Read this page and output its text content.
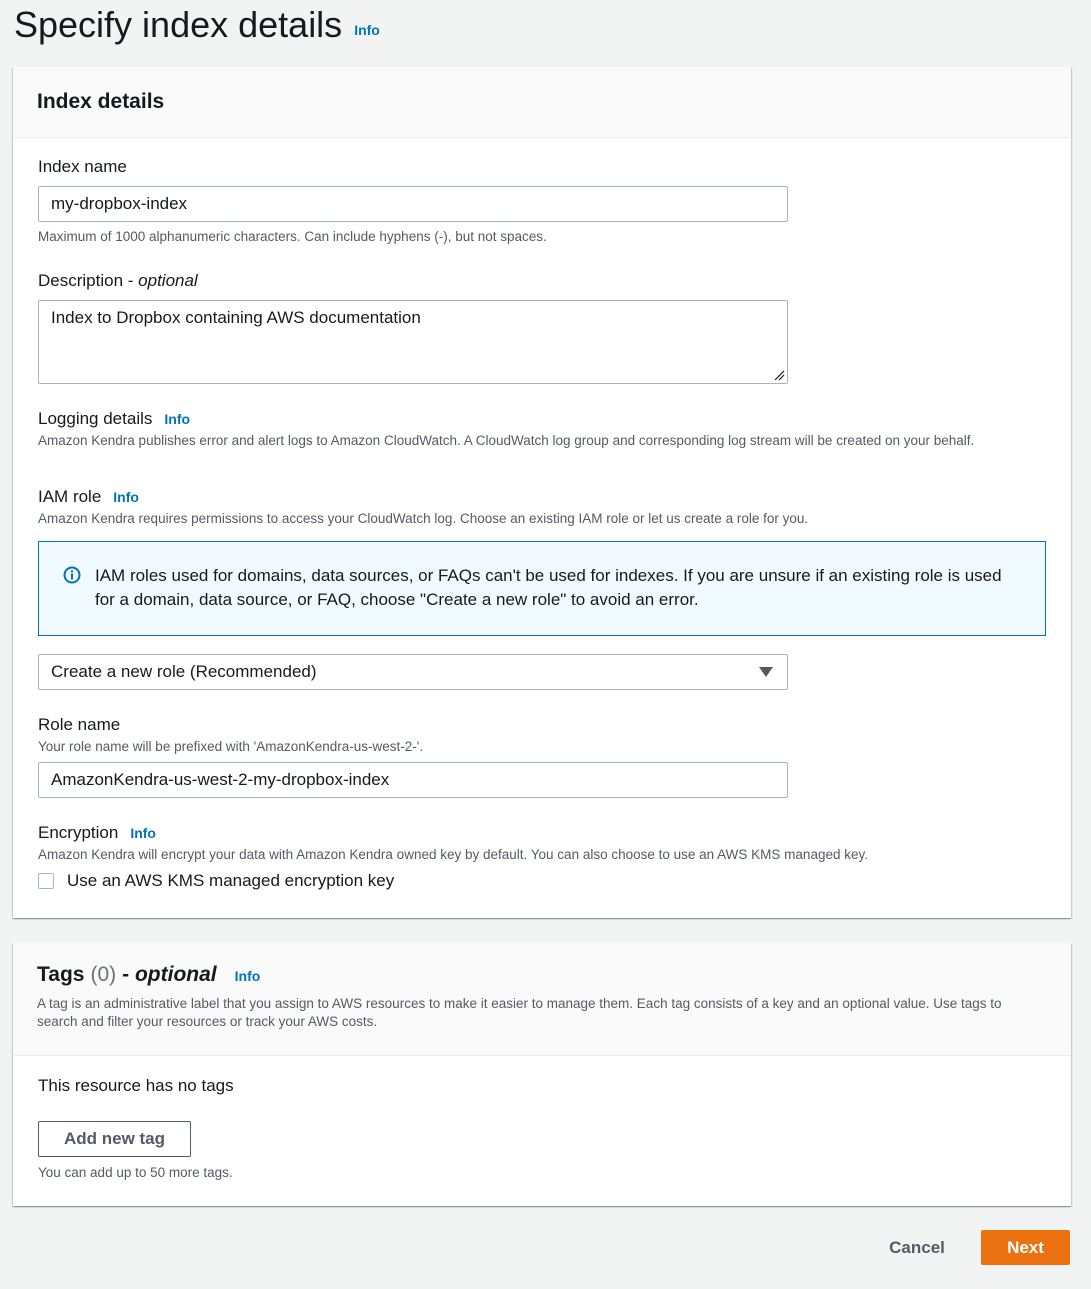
Specify index details Info
Index details
Index name
my-dropbox-index
Maximum of 1000 alphanumeric characters. Can include hyphens (-), but not spaces.
Description - optional
Index to Dropbox containing AWS documentation
Logging details Info
Amazon Kendra publishes error and alert logs to Amazon CloudWatch. A CloudWatch log group and corresponding log stream will be created on your behalf.
IAM role Info
Amazon Kendra requires permissions to access your CloudWatch log. Choose an existing IAM role or let us create a role for you.
IAM roles used for domains, data sources, or FAQs can't be used for indexes. If you are unsure if an existing role is used for a domain, data source, or FAQ, choose "Create a new role" to avoid an error.
Create a new role (Recommended)
Role name
Your role name will be prefixed with 'AmazonKendra-us-west-2-'.
AmazonKendra-us-west-2-my-dropbox-index
Encryption Info
Amazon Kendra will encrypt your data with Amazon Kendra owned key by default. You can also choose to use an AWS KMS managed key.
Use an AWS KMS managed encryption key
Tags (0) - optional Info
A tag is an administrative label that you assign to AWS resources to make it easier to manage them. Each tag consists of a key and an optional value. Use tags to search and filter your resources or track your AWS costs.
This resource has no tags
Add new tag
You can add up to 50 more tags.
Cancel	Next
